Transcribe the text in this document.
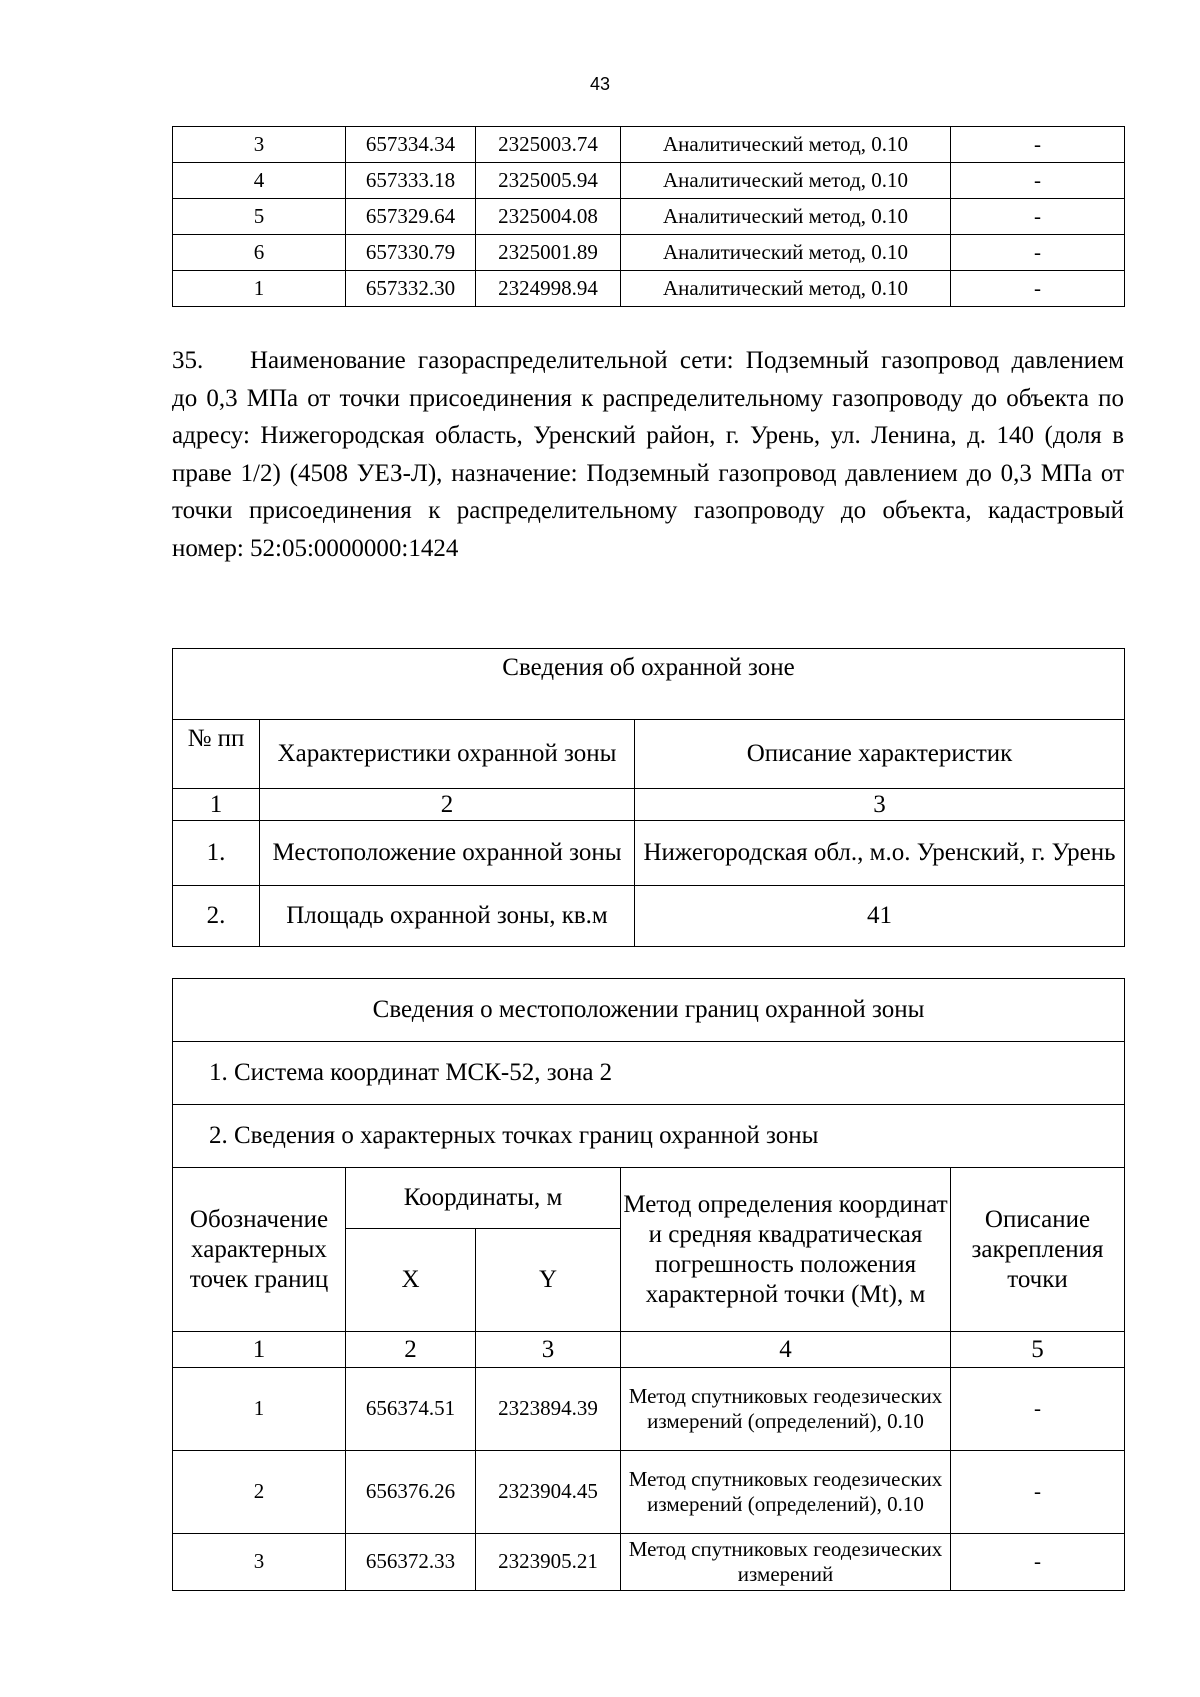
43
3	657334.34	2325003.74	Аналитический метод, 0.10	-
4	657333.18	2325005.94	Аналитический метод, 0.10	-
5	657329.64	2325004.08	Аналитический метод, 0.10	-
6	657330.79	2325001.89	Аналитический метод, 0.10	-
1	657332.30	2324998.94	Аналитический метод, 0.10	-
35. Наименование газораспределительной сети: Подземный газопровод давлением до 0,3 МПа от точки присоединения к распределительному газопроводу до объекта по адресу: Нижегородская область, Уренский район, г. Урень, ул. Ленина, д. 140 (доля в праве 1/2) (4508 УЕЗ-Л), назначение: Подземный газопровод давлением до 0,3 МПа от точки присоединения к распределительному газопроводу до объекта, кадастровый номер: 52:05:0000000:1424
Сведения об охранной зоне		
№ пп	Характеристики охранной зоны	Описание характеристик
1	2	3
1.	Местоположение охранной зоны	Нижегородская обл., м.о. Уренский, г. Урень
2.	Площадь охранной зоны, кв.м	41
Сведения о местоположении границ охранной зоны				
1. Система координат МСК-52, зона 2				
2. Сведения о характерных точках границ охранной зоны				
Обозначение характерных точек границ	Координаты, м		Метод определения координат и средняя квадратическая погрешность положения характерной точки (Mt), м	Описание закрепления точки
	X	Y		
1	2	3	4	5
1	656374.51	2323894.39	Метод спутниковых геодезических измерений (определений), 0.10	-
2	656376.26	2323904.45	Метод спутниковых геодезических измерений (определений), 0.10	-
3	656372.33	2323905.21	Метод спутниковых геодезических измерений	-
